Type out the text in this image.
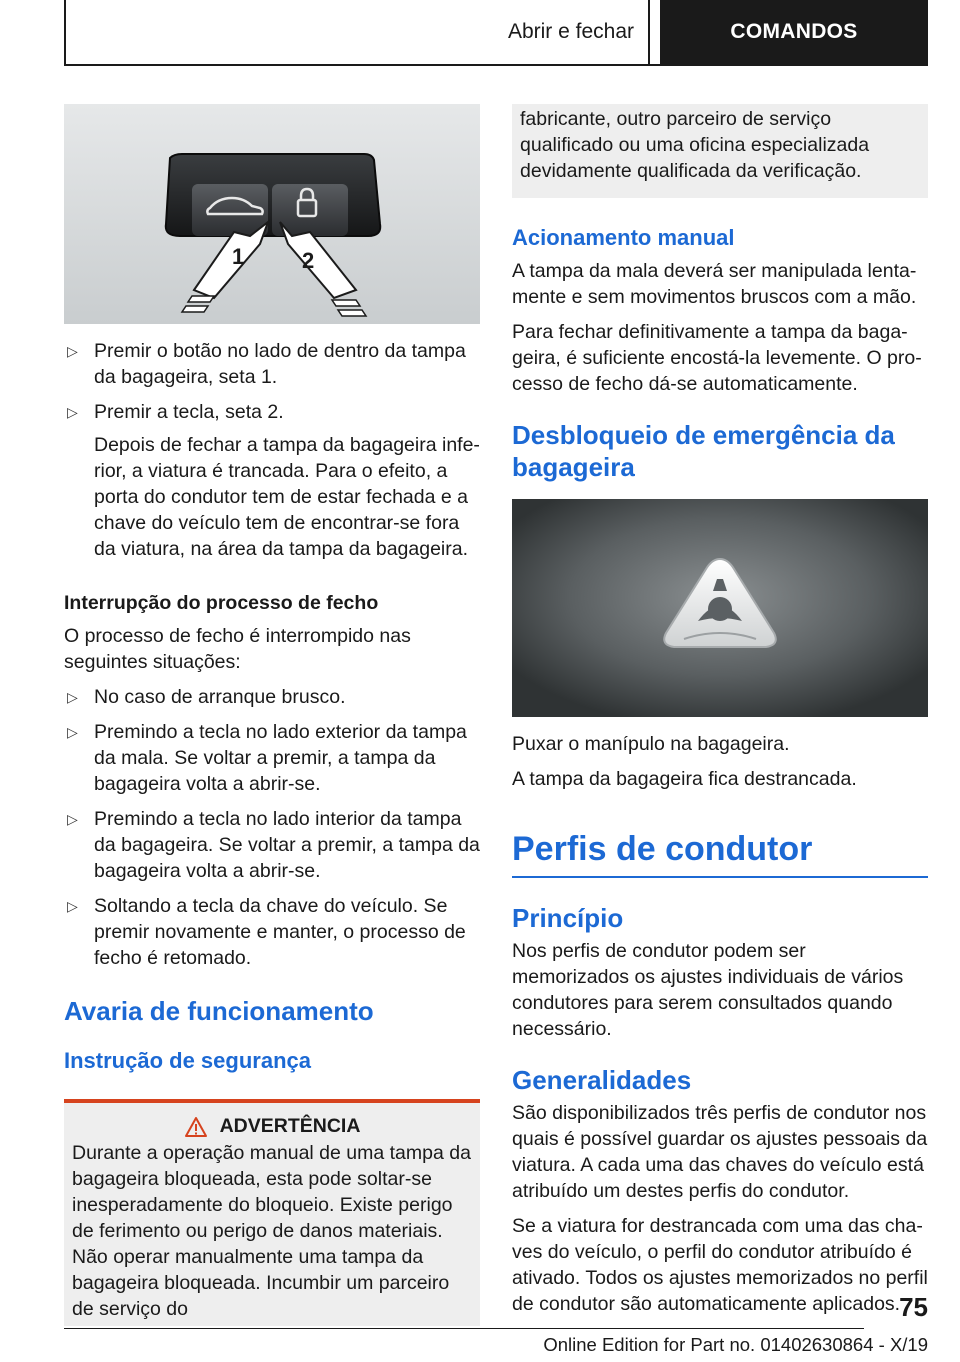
Abrir e fechar	COMANDOS
1	2
▷ Premir o botão no lado de dentro da tampa da bagageira, seta 1.
▷ Premir a tecla, seta 2.

Depois de fechar a tampa da bagageira inferior, a viatura é trancada. Para o efeito, a porta do condutor tem de estar fechada e a chave do veículo tem de encontrar-se fora da viatura, na área da tampa da bagageira.

Interrupção do processo de fecho

O processo de fecho é interrompido nas seguintes situações:

▷ No caso de arranque brusco.
▷ Premindo a tecla no lado exterior da tampa da mala. Se voltar a premir, a tampa da bagageira volta a abrir-se.
▷ Premindo a tecla no lado interior da tampa da bagageira. Se voltar a premir, a tampa da bagageira volta a abrir-se.
▷ Soltando a tecla da chave do veículo. Se premir novamente e manter, o processo de fecho é retomado.
Avaria de funcionamento
Instrução de segurança
ADVERTÊNCIA

Durante a operação manual de uma tampa da bagageira bloqueada, esta pode soltar-se inesperadamente do bloqueio. Existe perigo de ferimento ou perigo de danos materiais. Não operar manualmente uma tampa da bagageira bloqueada. Incumbir um parceiro de serviço do

fabricante, outro parceiro de serviço qualificado ou uma oficina especializada devidamente qualificada da verificação.

Acionamento manual

A tampa da mala deverá ser manipulada lentamente e sem movimentos bruscos com a mão.

Para fechar definitivamente a tampa da bagageira, é suficiente encostá-la levemente. O processo de fecho dá-se automaticamente.

Desbloqueio de emergência da bagageira

Puxar o manípulo na bagageira.

A tampa da bagageira fica destrancada.

Perfis de condutor
Princípio

Nos perfis de condutor podem ser memorizados os ajustes individuais de vários condutores para serem consultados quando necessário.

Generalidades

São disponibilizados três perfis de condutor nos quais é possível guardar os ajustes pessoais da viatura. A cada uma das chaves do veículo está atribuído um destes perfis do condutor.

Se a viatura for destrancada com uma das chaves do veículo, o perfil do condutor atribuído é ativado. Todos os ajustes memorizados no perfil de condutor são automaticamente aplicados. 75
Online Edition for Part no. 01402630864 - X/19
